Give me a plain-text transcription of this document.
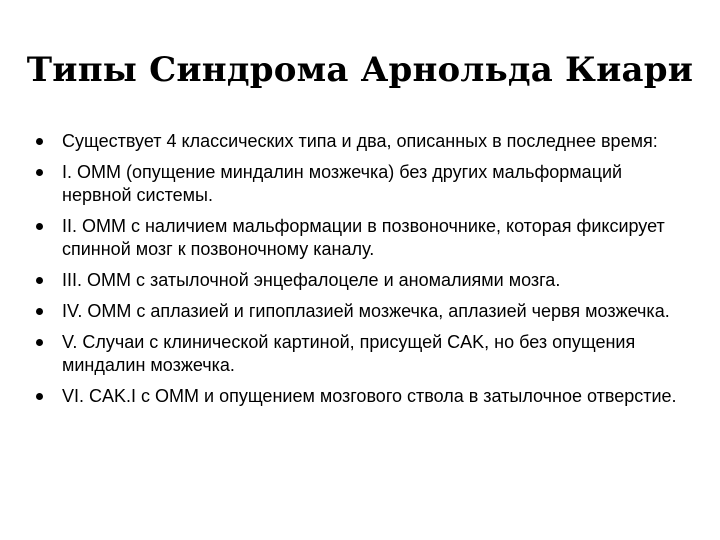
Типы Синдрома Арнольда Киари
Существует 4 классических типа и два, описанных в последнее время:
I. OMM (опущение миндалин мозжечка) без других мальформаций нервной системы.
II. OMM с наличием мальформации в позвоночнике, которая фиксирует спинной мозг к позвоночному каналу.
III. OMM с затылочной энцефалоцеле и аномалиями мозга.
IV. OMM с аплазией и гипоплазией мозжечка, аплазией червя мозжечка.
V. Случаи с клинической картиной, присущей CAK, но без опущения миндалин мозжечка.
VI. CAK.I с OMM и опущением мозгового ствола в затылочное отверстие.
